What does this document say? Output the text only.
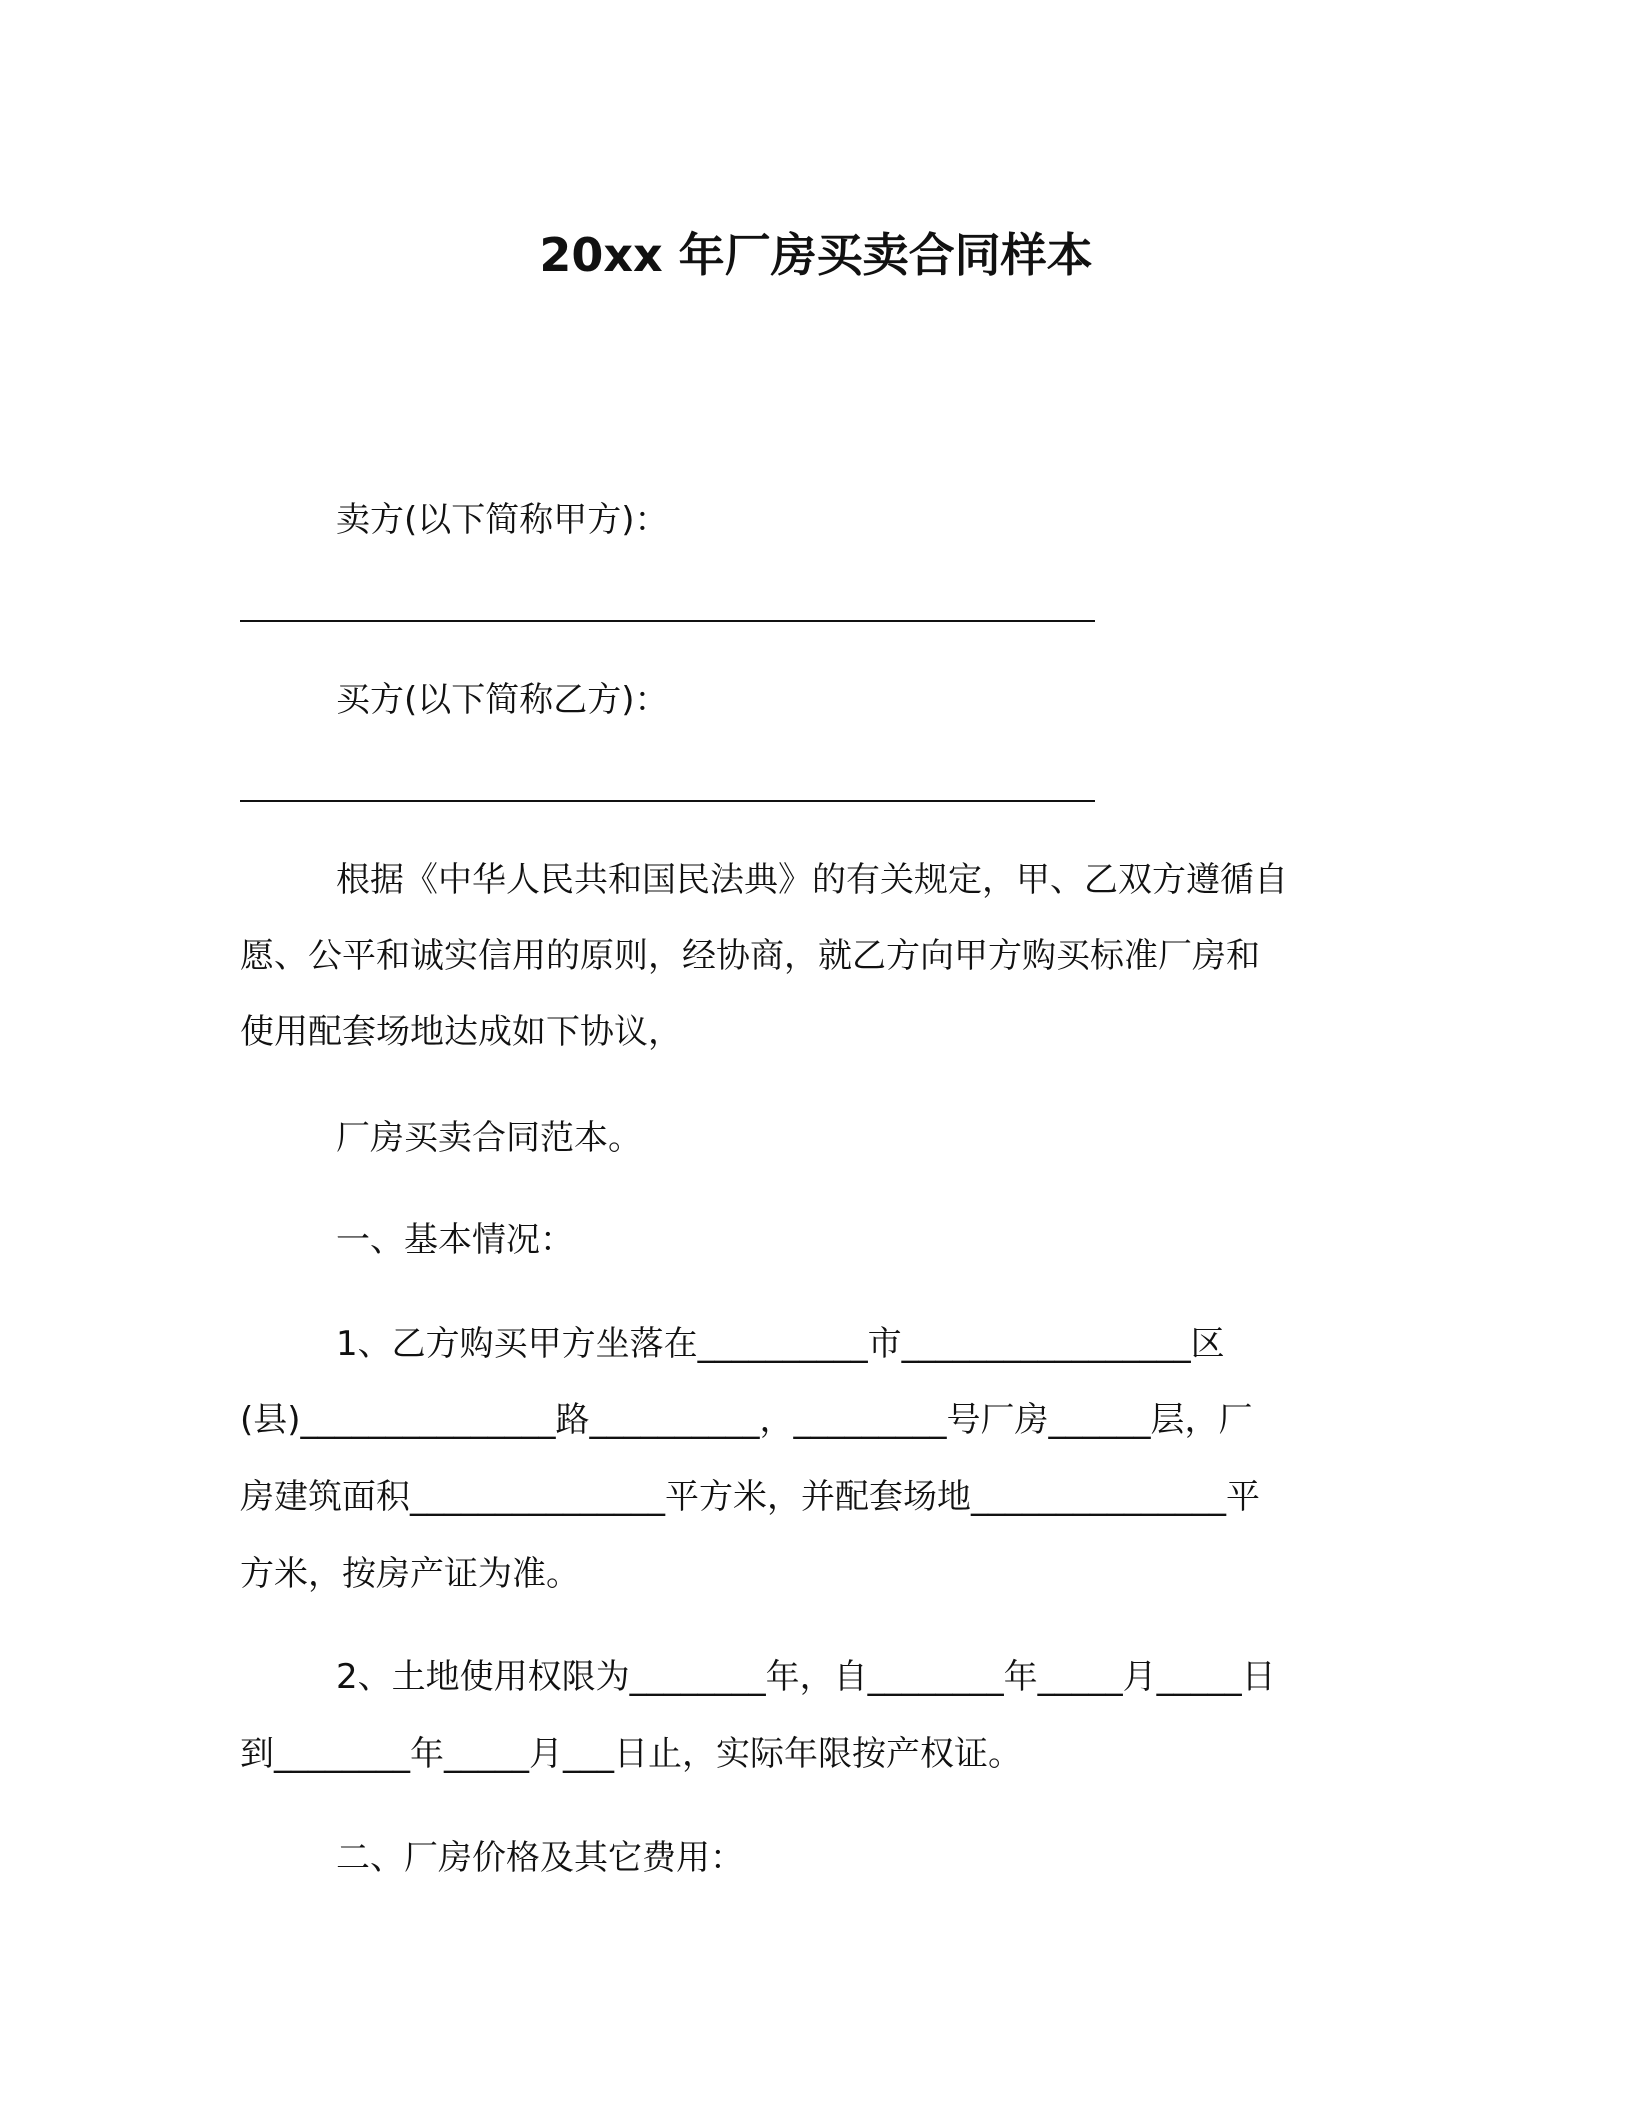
20xx 年厂房买卖合同样本
卖方(以下简称甲方)：
买方(以下简称乙方)：
根据《中华人民共和国民法典》的有关规定，甲、乙双方遵循自
愿、公平和诚实信用的原则，经协商，就乙方向甲方购买标准厂房和
使用配套场地达成如下协议，
厂房买卖合同范本。
一、基本情况：
1、乙方购买甲方坐落在__________市_________________区
(县)_______________路__________，_________号厂房______层，厂
房建筑面积_______________平方米，并配套场地_______________平
方米，按房产证为准。
2、土地使用权限为________年，自________年_____月_____日
到________年_____月___日止，实际年限按产权证。
二、厂房价格及其它费用：
